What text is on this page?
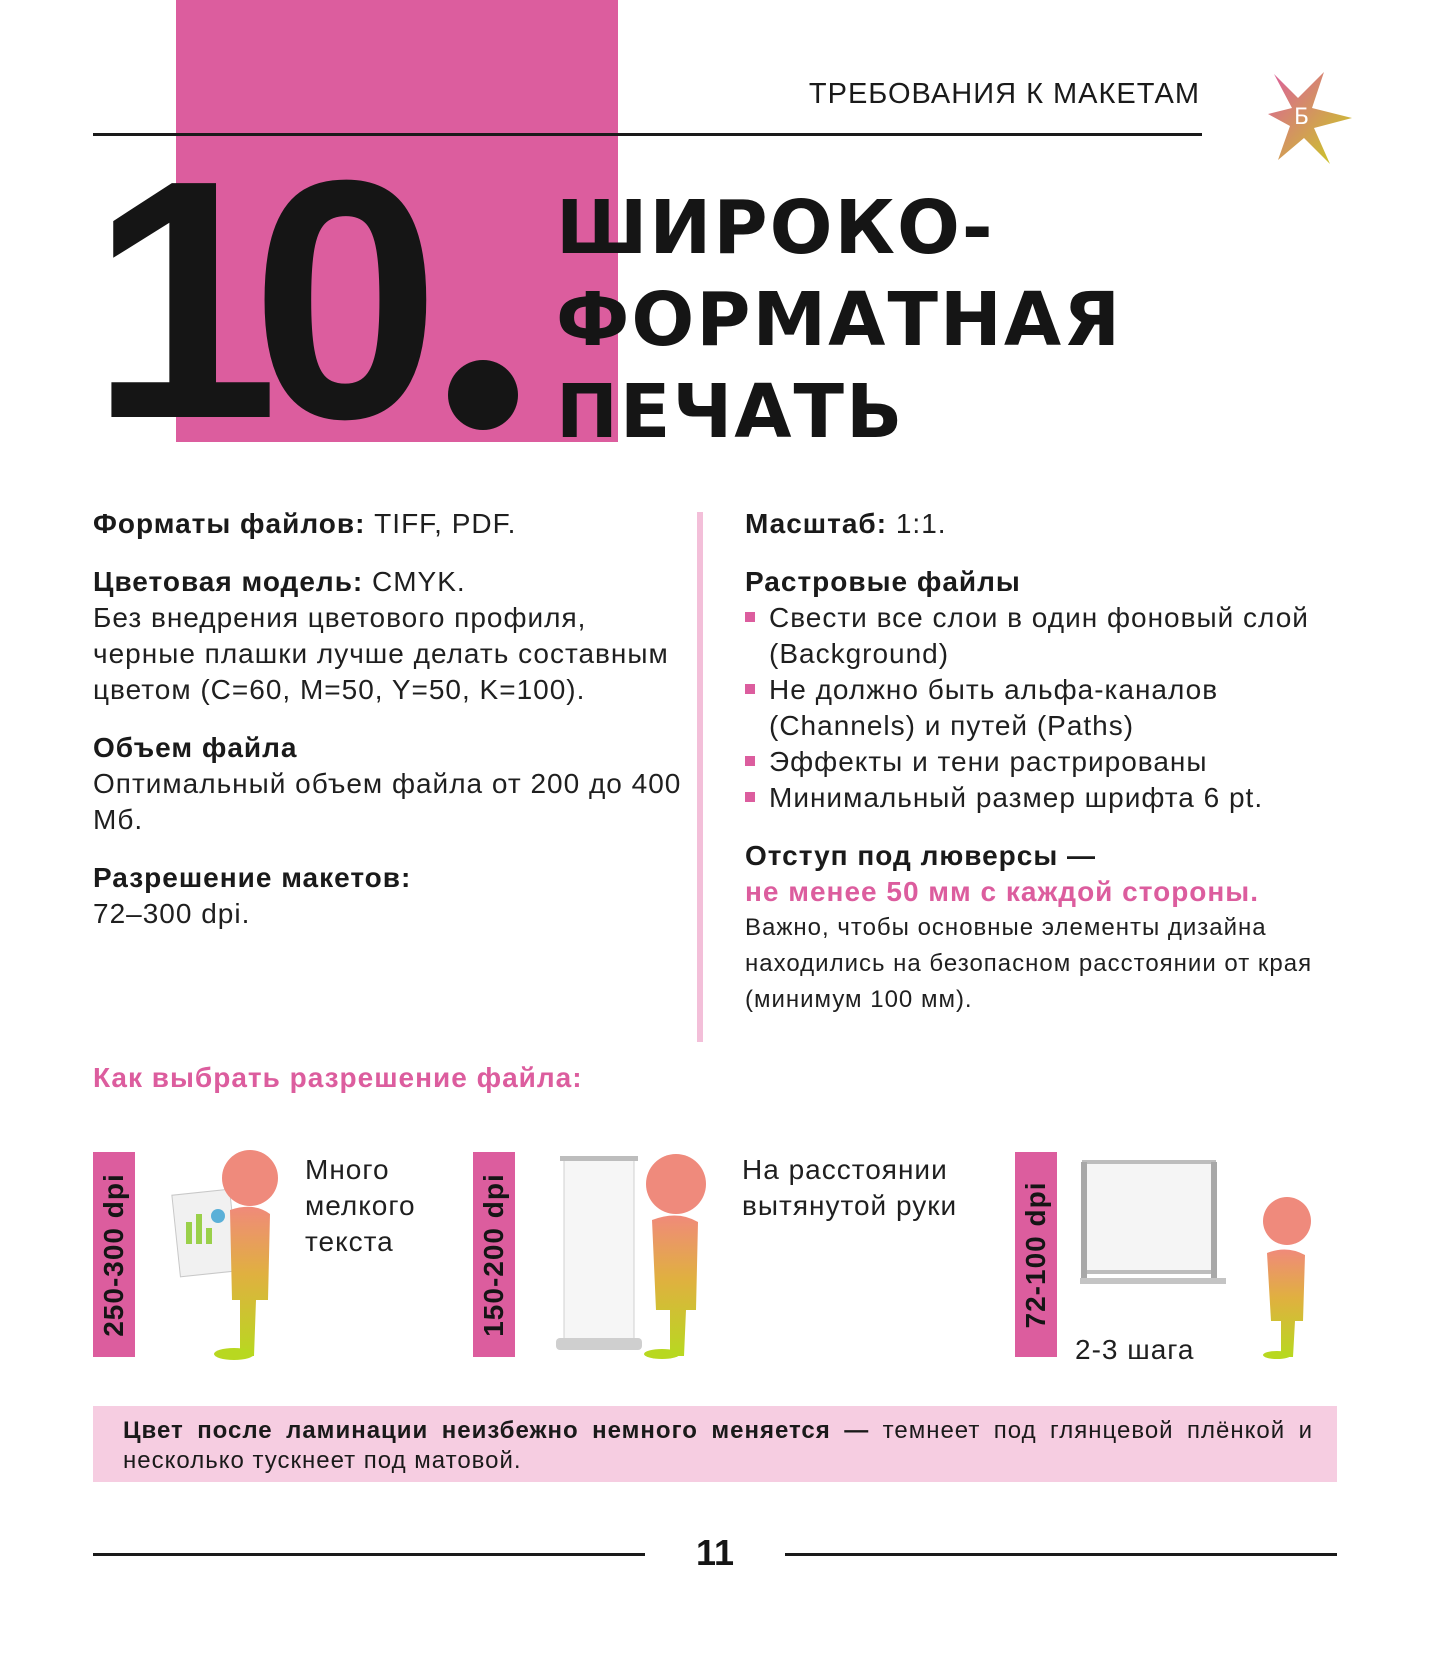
ТРЕБОВАНИЯ К МАКЕТАМ
Б
10 ШИРОКО-
ФОРМАТНАЯ
ПЕЧАТЬ

Форматы файлов: TIFF, PDF.

Цветовая модель: CMYK.
Без внедрения цветового профиля, черные плашки лучше делать составным цветом (C=60, M=50, Y=50, K=100).

Объем файла
Оптимальный объем файла от 200 до 400 Мб.

Разрешение макетов:
72–300 dpi.

Масштаб: 1:1.

Растровые файлы

Свести все слои в один фоновый слой (Background)
Не должно быть альфа-каналов (Channels) и путей (Paths)
Эффекты и тени растрированы
Минимальный размер шрифта 6 pt.

Отступ под люверсы —
не менее 50 мм с каждой стороны.

Важно, чтобы основные элементы дизайна находились на безопасном расстоянии от края (минимум 100 мм).
Как выбрать разрешение файла:
250-300 dpi
Много мелкого текста	150-200 dpi
На расстоянии вытянутой руки	72-100 dpi
2-3 шага

Цвет после ламинации неизбежно немного меняется — темнеет под глянцевой плёнкой и несколько тускнеет под матовой.

11
